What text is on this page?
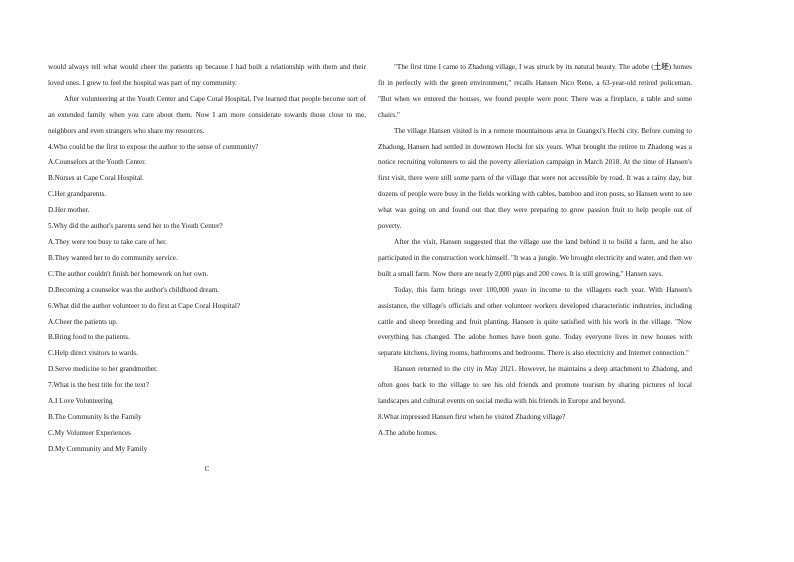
would always tell what would cheer the patients up because I had built a relationship with them and their loved ones. I grew to feel the hospital was part of my community.

After volunteering at the Youth Center and Cape Coral Hospital, I've learned that people become sort of an extended family when you care about them. Now I am more considerate towards those close to me, neighbors and even strangers who share my resources.

4.Who could be the first to expose the author to the sense of community?

A.Counselors at the Youth Center.

B.Nurses at Cape Coral Hospital.

C.Her grandparents.

D.Her mother.

5.Why did the author's parents send her to the Youth Center?

A.They were too busy to take care of her.

B.They wanted her to do community service.

C.The author couldn't finish her homework on her own.

D.Becoming a counselor was the author's childhood dream.

6.What did the author volunteer to do first at Cape Coral Hospital?

A.Cheer the patients up.

B.Bring food to the patients.

C.Help direct visitors to wards.

D.Serve medicine to her grandmother.

7.What is the best title for the text?

A.I Love Volunteering

B.The Community Is the Family

C.My Volunteer Experiences

D.My Community and My Family

C

"The first time I came to Zhadong village, I was struck by its natural beauty. The adobe (土坯) homes fit in perfectly with the green environment," recalls Hansen Nico Rene, a 63-year-old retired policeman. "But when we entered the houses, we found people were poor. There was a fireplace, a table and some chairs."

The village Hansen visited is in a remote mountainous area in Guangxi's Hechi city. Before coming to Zhadong, Hansen had settled in downtown Hechi for six years. What brought the retiree to Zhadong was a notice recruiting volunteers to aid the poverty alleviation campaign in March 2018. At the time of Hansen's first visit, there were still some parts of the village that were not accessible by road. It was a rainy day, but dozens of people were busy in the fields working with cables, bamboo and iron posts, so Hansen went to see what was going on and found out that they were preparing to grow passion fruit to help people out of poverty.

After the visit, Hansen suggested that the village use the land behind it to build a farm, and he also participated in the construction work himself. "It was a jungle. We brought electricity and water, and then we built a small farm. Now there are nearly 2,000 pigs and 200 cows. It is still growing," Hansen says.

Today, this farm brings over 100,000 yuan in income to the villagers each year. With Hansen's assistance, the village's officials and other volunteer workers developed characteristic industries, including cattle and sheep breeding and fruit planting. Hansen is quite satisfied with his work in the village. "Now everything has changed. The adobe homes have been gone. Today everyone lives in new houses with separate kitchens, living rooms, bathrooms and bedrooms. There is also electricity and Internet connection."

Hansen returned to the city in May 2021. However, he maintains a deep attachment to Zhadong, and often goes back to the village to see his old friends and promote tourism by sharing pictures of local landscapes and cultural events on social media with his friends in Europe and beyond.

8.What impressed Hansen first when he visited Zhadong village?

A.The adobe homes.
